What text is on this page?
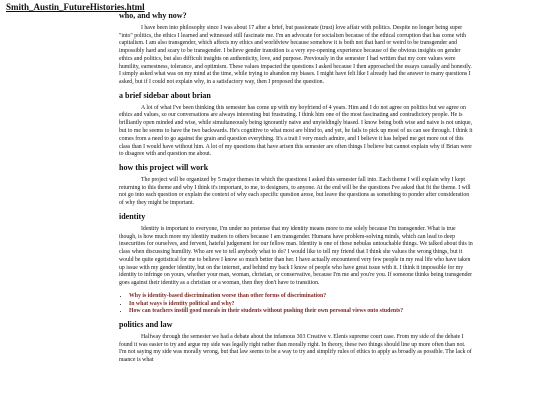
Smith_Austin_FutureHistories.html
who, and why now?

I have been into philosophy since I was about 17 after a brief, but passionate (trust) love affair with politics. Despite no longer being super "into" politics, the ethics I learned and witnessed still fascinate me. I'm an advocate for socialism because of the ethical corruption that has come with capitalism. I am also transgender, which affects my ethics and worldview because somehow it is both not that hard or weird to be transgender and impossibly hard and scary to be transgender. I believe gender transition is a very eye-opening experience because of the obvious insights on gender ethics and politics, but also difficult insights on authenticity, love, and purpose. Previously in the semester I had written that my core values were humility, earnestness, tolerance, and optimism. These values impacted the questions I asked because I then approached the essays casually and honestly. I simply asked what was on my mind at the time, while trying to abandon my biases. I might have felt like I already had the answer to many questions I asked, but if I could not explain why, in a satisfactory way, then I proposed the question.

a brief sidebar about brian

A lot of what I've been thinking this semester has come up with my boyfriend of 4 years. Him and I do not agree on politics but we agree on ethics and values, so our conversations are always interesting but frustrating. I think him one of the most fascinating and contradictory people. He is brilliantly open minded and wise, while simultaneously being ignorantly naive and unyieldingly biased. I know being both wise and naive is not unique, but to me he seems to have the two backwards. He's cognitive to what most are blind to, and yet, he fails to pick up most of us can see through. I think it comes from a need to go against the grain and question everything. It's a trait I very much admire, and I believe it has helped me get more out of this class than I would have without him. A lot of my questions that have arisen this semester are often things I believe but cannot explain why if Brian were to disagree with and question me about.

how this project will work

The project will be organized by 5 major themes in which the questions I asked this semester fall into. Each theme I will explain why I kept returning to this theme and why I think it's important, to me, to designers, to anyone. At the end will be the questions I've asked that fit the theme. I will not go into each question or explain the context of why each specific question arose, but leave the questions as something to ponder after consideration of why they might be important.

identity

Identity is important to everyone, I'm under no pretense that my identity means more to me solely because I'm transgender. What is true though, is how much more my identity matters to others because I am transgender. Humans have problem-solving minds, which can lead to deep insecurities for ourselves, and fervent, hateful judgement for our fellow man. Identity is one of those nebulas untouchable things. We talked about this in class when discussing humility. Who are we to tell anybody what to do? I would like to tell my friend that I think she values the wrong things, but it would be quite egotistical for me to believe I know so much better than her. I have actually encountered very few people in my real life who have taken up issue with my gender identity, but on the internet, and behind my back I know of people who have great issue with it. I think it impossible for my identity to infringe on yours, whether your man, woman, christian, or conservative, because I'm me and you're you. If someone thinks being transgender goes against their identity as a christian or a woman, then they don't have to transition.

• Why is identity-based discrimination worse than other forms of discrimination?
• In what ways is identity political and why?
• How can teachers instill good morals in their students without pushing their own personal views onto students?
politics and law

Halfway through the semester we had a debate about the infamous 303 Creative v. Elenis supreme court case. From my side of the debate I found it was easier to try and argue my side was legally right rather than morally right. In theory, these two things should line up more often than not. I'm not saying my side was morally wrong, but that law seems to be a way to try and simplify rules of ethics to apply as broadly as possible. The lack of nuance is what
